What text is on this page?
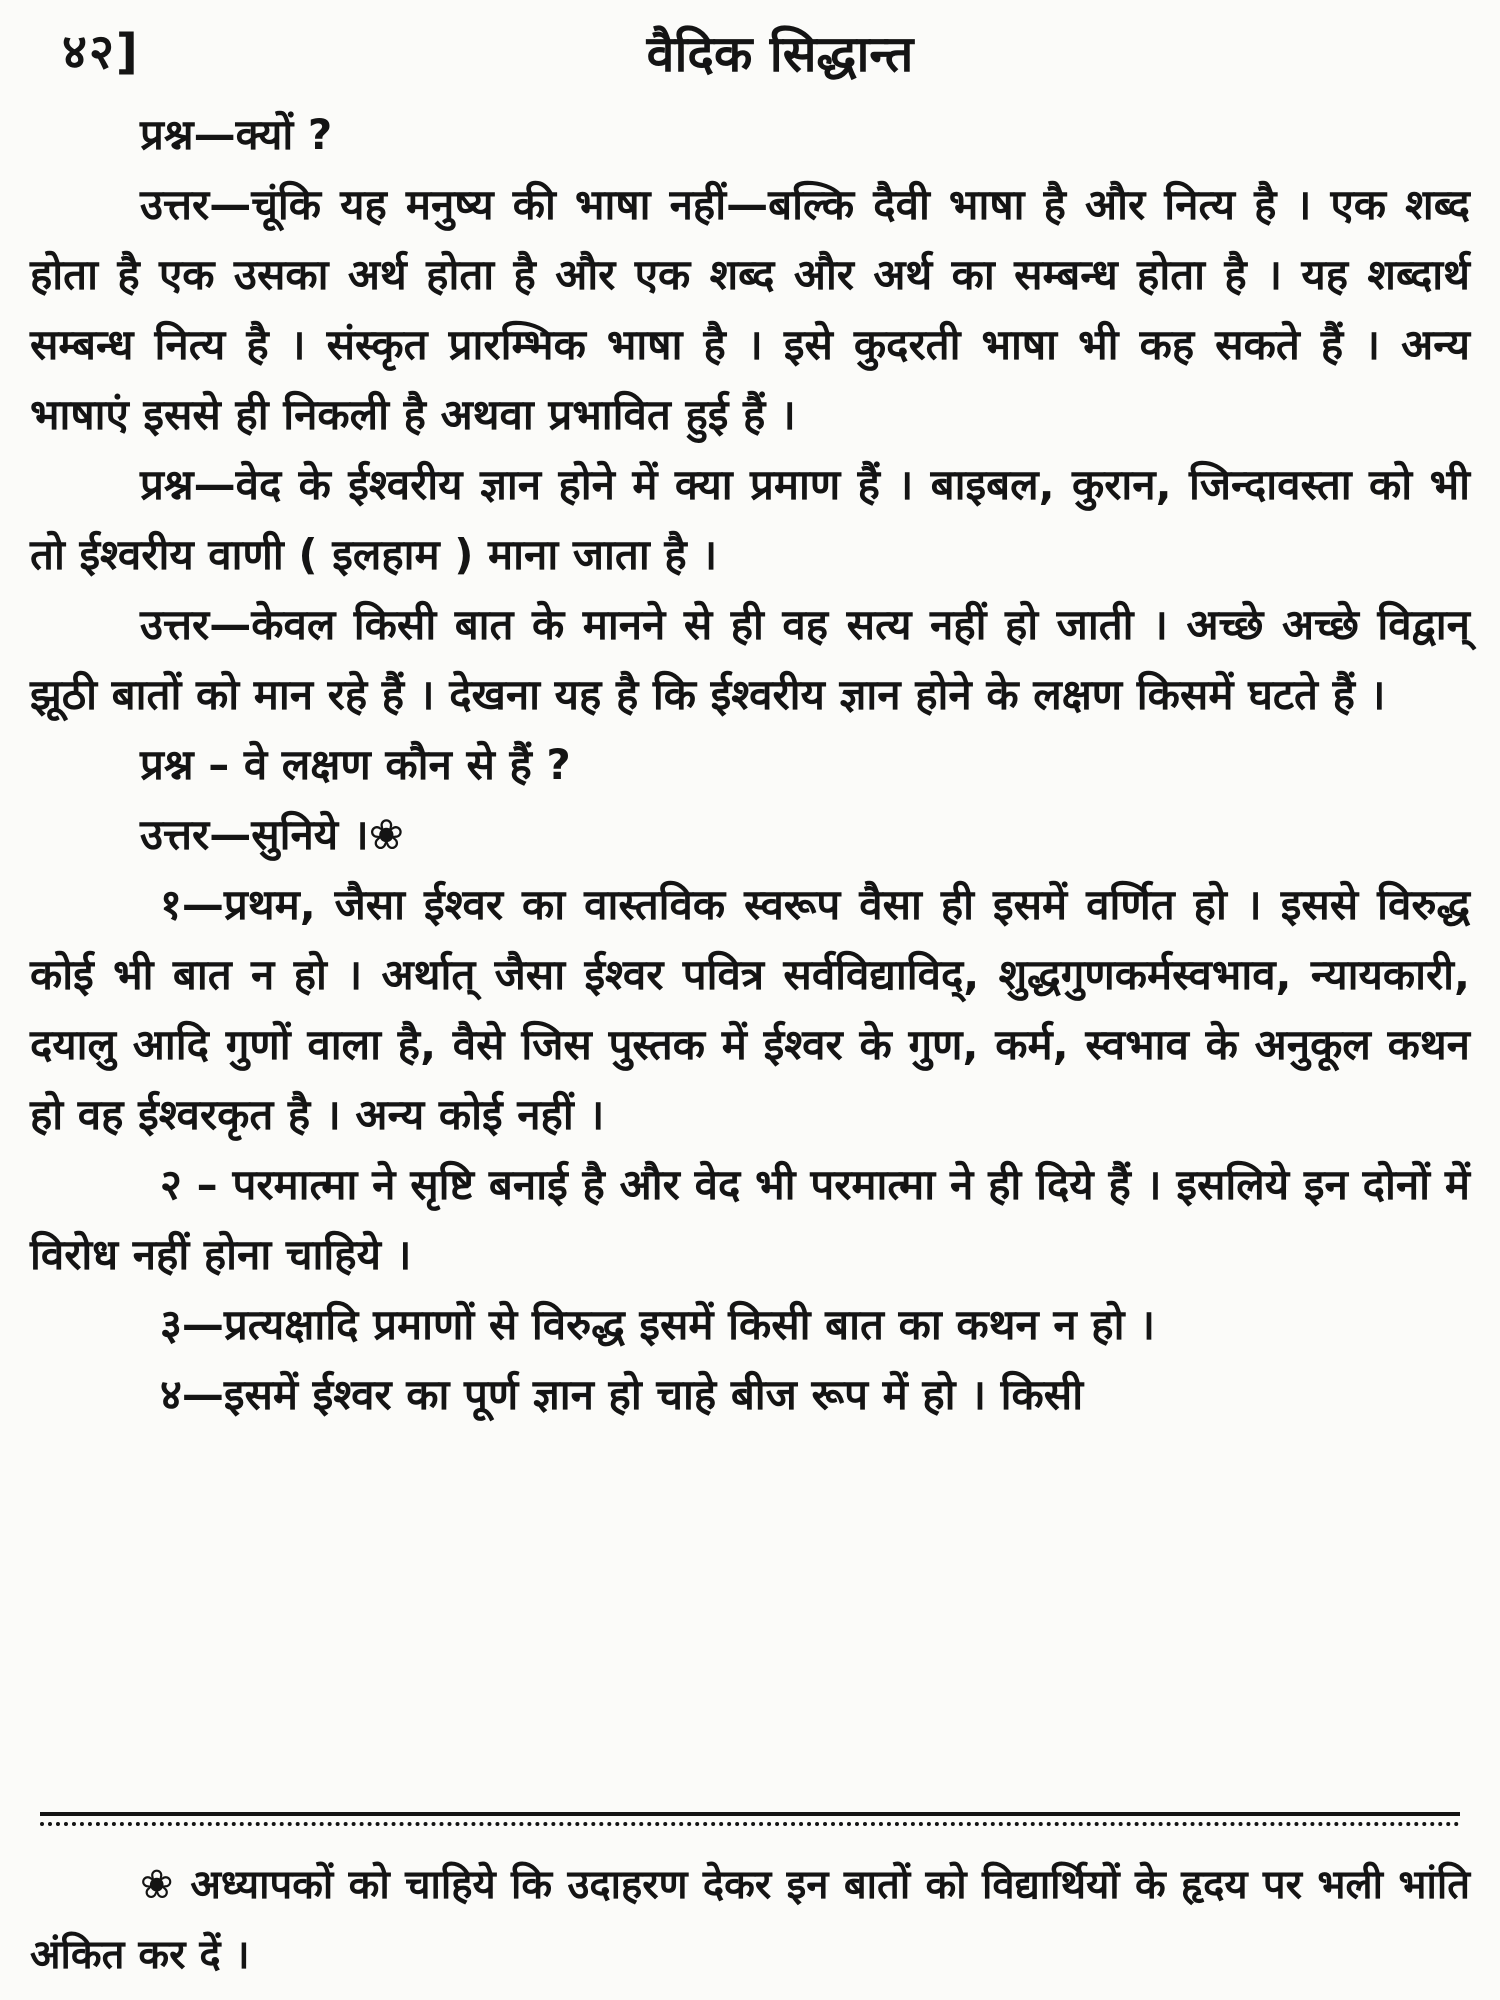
४२]	वैदिक सिद्धान्त

प्रश्न—क्यों ?

उत्तर—चूंकि यह मनुष्य की भाषा नहीं—बल्कि दैवी भाषा है और नित्य है । एक शब्द होता है एक उसका अर्थ होता है और एक शब्द और अर्थ का सम्बन्ध होता है । यह शब्दार्थ सम्बन्ध नित्य है । संस्कृत प्रारम्भिक भाषा है । इसे कुदरती भाषा भी कह सकते हैं । अन्य भाषाएं इससे ही निकली है अथवा प्रभावित हुई हैं ।

प्रश्न—वेद के ईश्वरीय ज्ञान होने में क्या प्रमाण हैं । बाइबल, कुरान, जिन्दावस्ता को भी तो ईश्वरीय वाणी ( इलहाम ) माना जाता है ।

उत्तर—केवल किसी बात के मानने से ही वह सत्य नहीं हो जाती । अच्छे अच्छे विद्वान् झूठी बातों को मान रहे हैं । देखना यह है कि ईश्वरीय ज्ञान होने के लक्षण किसमें घटते हैं ।

प्रश्न – वे लक्षण कौन से हैं ?

उत्तर—सुनिये ।❀

१—प्रथम, जैसा ईश्वर का वास्तविक स्वरूप वैसा ही इसमें वर्णित हो । इससे विरुद्ध कोई भी बात न हो । अर्थात् जैसा ईश्वर पवित्र सर्वविद्याविद्, शुद्धगुणकर्मस्वभाव, न्यायकारी, दयालु आदि गुणों वाला है, वैसे जिस पुस्तक में ईश्वर के गुण, कर्म, स्वभाव के अनुकूल कथन हो वह ईश्वरकृत है । अन्य कोई नहीं ।

२ – परमात्मा ने सृष्टि बनाई है और वेद भी परमात्मा ने ही दिये हैं । इसलिये इन दोनों में विरोध नहीं होना चाहिये ।

३—प्रत्यक्षादि प्रमाणों से विरुद्ध इसमें किसी बात का कथन न हो ।

४—इसमें ईश्वर का पूर्ण ज्ञान हो चाहे बीज रूप में हो । किसी

❀ अध्यापकों को चाहिये कि उदाहरण देकर इन बातों को विद्यार्थियों के हृदय पर भली भांति अंकित कर दें ।
